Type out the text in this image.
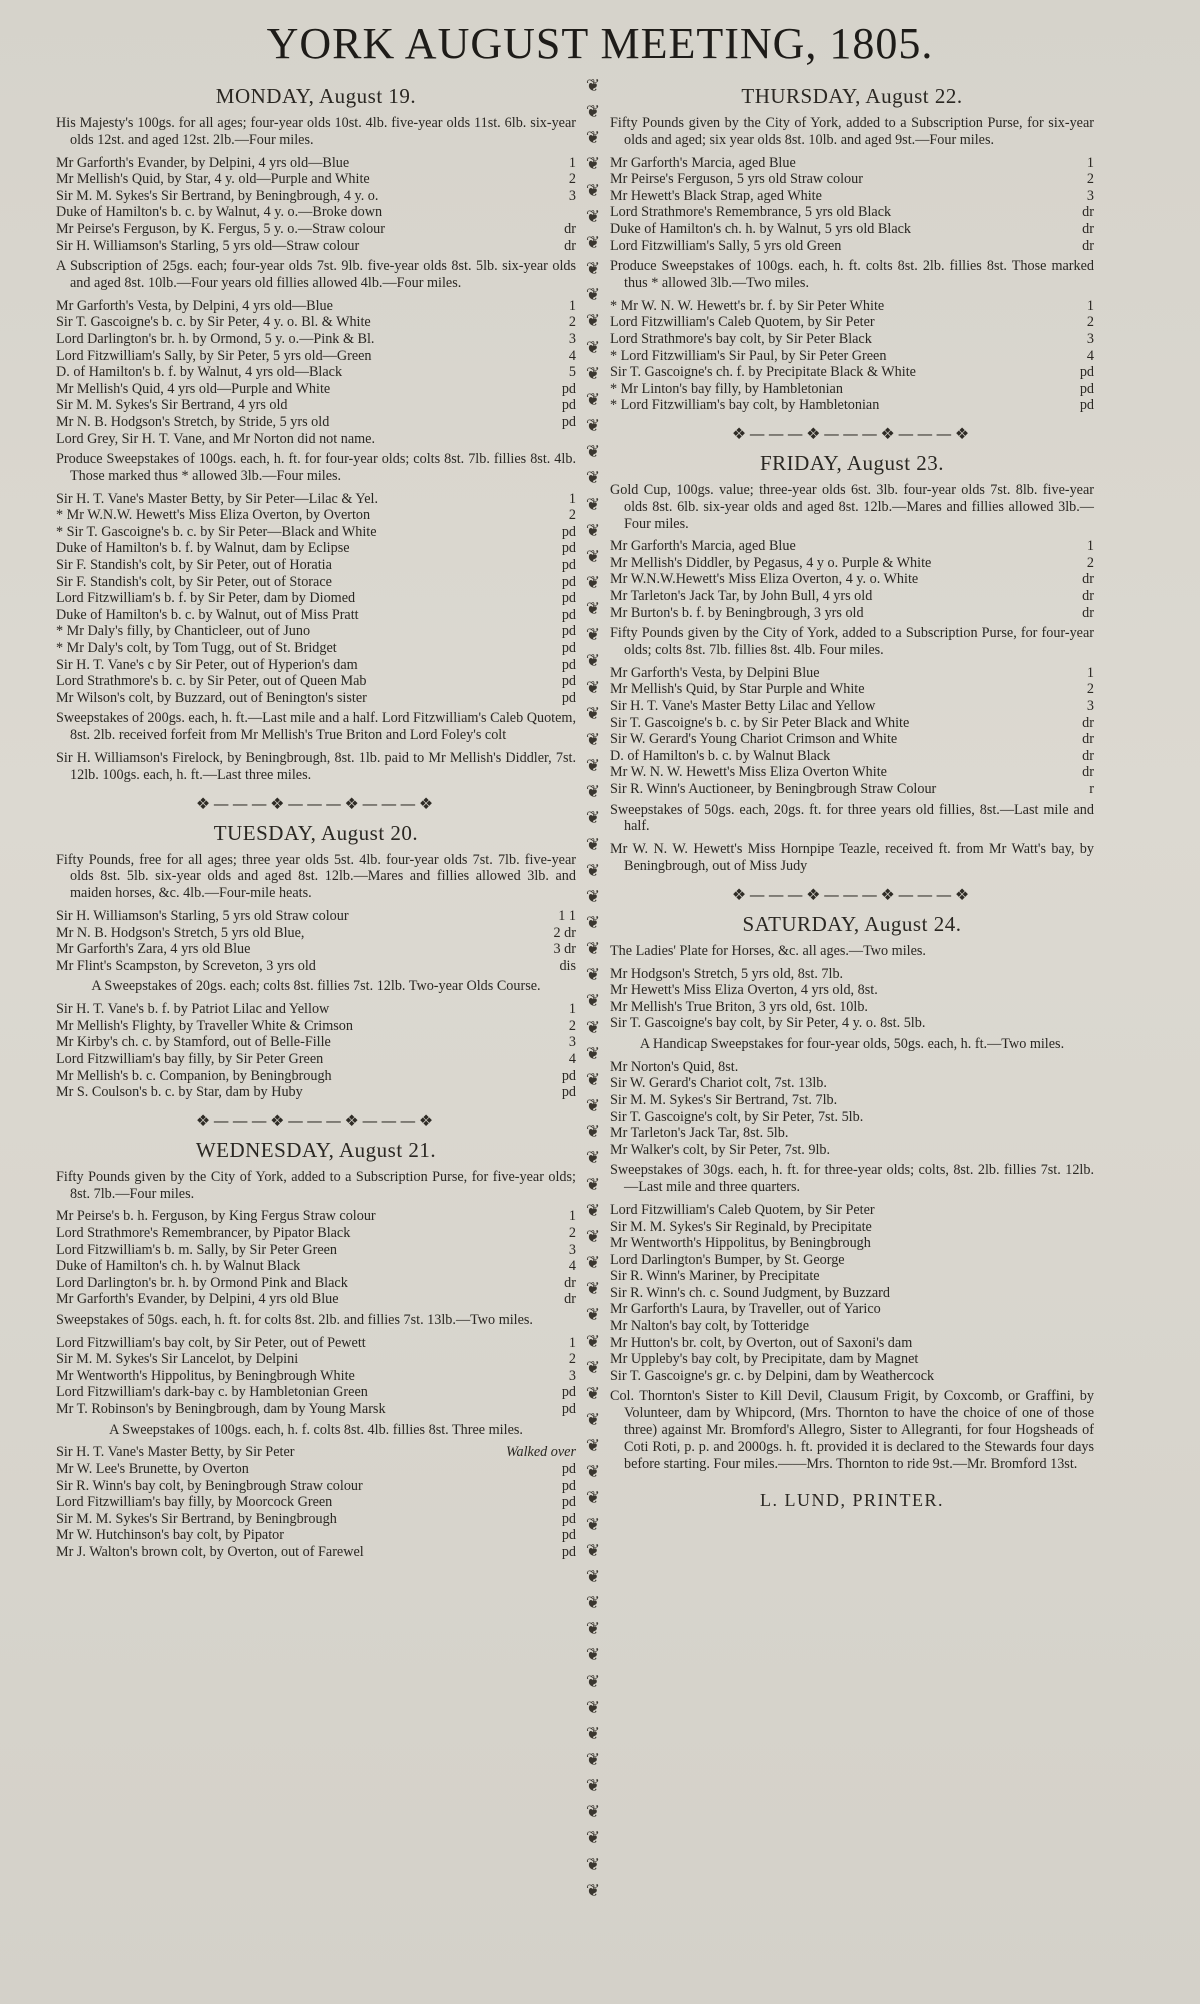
YORK AUGUST MEETING, 1805.
MONDAY, August 19.
His Majesty's 100gs. for all ages; four-year olds 10st. 4lb. five-year olds 11st. 6lb. six-year olds 12st. and aged 12st. 2lb.—Four miles.
Mr Garforth's Evander, by Delpini, 4 yrs old—Blue	1
Mr Mellish's Quid, by Star, 4 y. old—Purple and White	2
Sir M. M. Sykes's Sir Bertrand, by Beningbrough, 4 y. o.	3
Duke of Hamilton's b. c. by Walnut, 4 y. o.—Broke down
Mr Peirse's Ferguson, by K. Fergus, 5 y. o.—Straw colour	dr
Sir H. Williamson's Starling, 5 yrs old—Straw colour	dr
A Subscription of 25gs. each; four-year olds 7st. 9lb. five-year olds 8st. 5lb. six-year olds and aged 8st. 10lb.—Four years old fillies allowed 4lb.—Four miles.
Mr Garforth's Vesta, by Delpini, 4 yrs old—Blue	1
Sir T. Gascoigne's b. c. by Sir Peter, 4 y. o. Bl. & White	2
Lord Darlington's br. h. by Ormond, 5 y. o.—Pink & Bl.	3
Lord Fitzwilliam's Sally, by Sir Peter, 5 yrs old—Green	4
D. of Hamilton's b. f. by Walnut, 4 yrs old—Black	5
Mr Mellish's Quid, 4 yrs old—Purple and White	pd
Sir M. M. Sykes's Sir Bertrand, 4 yrs old	pd
Mr N. B. Hodgson's Stretch, by Stride, 5 yrs old	pd
Lord Grey, Sir H. T. Vane, and Mr Norton did not name.
Produce Sweepstakes of 100gs. each, h. ft. for four-year olds; colts 8st. 7lb. fillies 8st. 4lb. Those marked thus * allowed 3lb.—Four miles.
Sir H. T. Vane's Master Betty, by Sir Peter—Lilac & Yel.	1
* Mr W.N.W. Hewett's Miss Eliza Overton, by Overton	2
* Sir T. Gascoigne's b. c. by Sir Peter—Black and White	pd
Duke of Hamilton's b. f. by Walnut, dam by Eclipse	pd
Sir F. Standish's colt, by Sir Peter, out of Horatia	pd
Sir F. Standish's colt, by Sir Peter, out of Storace	pd
Lord Fitzwilliam's b. f. by Sir Peter, dam by Diomed	pd
Duke of Hamilton's b. c. by Walnut, out of Miss Pratt	pd
* Mr Daly's filly, by Chanticleer, out of Juno	pd
* Mr Daly's colt, by Tom Tugg, out of St. Bridget	pd
Sir H. T. Vane's c by Sir Peter, out of Hyperion's dam	pd
Lord Strathmore's b. c. by Sir Peter, out of Queen Mab	pd
Mr Wilson's colt, by Buzzard, out of Benington's sister	pd
Sweepstakes of 200gs. each, h. ft.—Last mile and a half. Lord Fitzwilliam's Caleb Quotem, 8st. 2lb. received forfeit from Mr Mellish's True Briton and Lord Foley's colt
Sir H. Williamson's Firelock, by Beningbrough, 8st. 1lb. paid to Mr Mellish's Diddler, 7st. 12lb. 100gs. each, h. ft.—Last three miles.
❖———❖———❖———❖
TUESDAY, August 20.
Fifty Pounds, free for all ages; three year olds 5st. 4lb. four-year olds 7st. 7lb. five-year olds 8st. 5lb. six-year olds and aged 8st. 12lb.—Mares and fillies allowed 3lb. and maiden horses, &c. 4lb.—Four-mile heats.
Sir H. Williamson's Starling, 5 yrs old Straw colour	1 1
Mr N. B. Hodgson's Stretch, 5 yrs old Blue,	2 dr
Mr Garforth's Zara, 4 yrs old Blue	3 dr
Mr Flint's Scampston, by Screveton, 3 yrs old	dis
A Sweepstakes of 20gs. each; colts 8st. fillies 7st. 12lb. Two-year Olds Course.
Sir H. T. Vane's b. f. by Patriot Lilac and Yellow	1
Mr Mellish's Flighty, by Traveller White & Crimson	2
Mr Kirby's ch. c. by Stamford, out of Belle-Fille	3
Lord Fitzwilliam's bay filly, by Sir Peter Green	4
Mr Mellish's b. c. Companion, by Beningbrough	pd
Mr S. Coulson's b. c. by Star, dam by Huby	pd
❖———❖———❖———❖
WEDNESDAY, August 21.
Fifty Pounds given by the City of York, added to a Subscription Purse, for five-year olds; 8st. 7lb.—Four miles.
Mr Peirse's b. h. Ferguson, by King Fergus Straw colour	1
Lord Strathmore's Remembrancer, by Pipator Black	2
Lord Fitzwilliam's b. m. Sally, by Sir Peter Green	3
Duke of Hamilton's ch. h. by Walnut Black	4
Lord Darlington's br. h. by Ormond Pink and Black	dr
Mr Garforth's Evander, by Delpini, 4 yrs old Blue	dr
Sweepstakes of 50gs. each, h. ft. for colts 8st. 2lb. and fillies 7st. 13lb.—Two miles.
Lord Fitzwilliam's bay colt, by Sir Peter, out of Pewett	1
Sir M. M. Sykes's Sir Lancelot, by Delpini	2
Mr Wentworth's Hippolitus, by Beningbrough White	3
Lord Fitzwilliam's dark-bay c. by Hambletonian Green	pd
Mr T. Robinson's by Beningbrough, dam by Young Marsk	pd
A Sweepstakes of 100gs. each, h. f. colts 8st. 4lb. fillies 8st. Three miles.
Sir H. T. Vane's Master Betty, by Sir Peter	Walked over
Mr W. Lee's Brunette, by Overton	pd
Sir R. Winn's bay colt, by Beningbrough Straw colour	pd
Lord Fitzwilliam's bay filly, by Moorcock Green	pd
Sir M. M. Sykes's Sir Bertrand, by Beningbrough	pd
Mr W. Hutchinson's bay colt, by Pipator	pd
Mr J. Walton's brown colt, by Overton, out of Farewel	pd
❦
❦
❦
❦
❦
❦
❦
❦
❦
❦
❦
❦
❦
❦
❦
❦
❦
❦
❦
❦
❦
❦
❦
❦
❦
❦
❦
❦
❦
❦
❦
❦
❦
❦
❦
❦
❦
❦
❦
❦
❦
❦
❦
❦
❦
❦
❦
❦
❦
❦
❦
❦
❦
❦
❦
❦
❦
❦
❦
❦
❦
❦
❦
❦
❦
❦
❦
❦
❦
❦
THURSDAY, August 22.
Fifty Pounds given by the City of York, added to a Subscription Purse, for six-year olds and aged; six year olds 8st. 10lb. and aged 9st.—Four miles.
Mr Garforth's Marcia, aged Blue	1
Mr Peirse's Ferguson, 5 yrs old Straw colour	2
Mr Hewett's Black Strap, aged White	3
Lord Strathmore's Remembrance, 5 yrs old Black	dr
Duke of Hamilton's ch. h. by Walnut, 5 yrs old Black	dr
Lord Fitzwilliam's Sally, 5 yrs old Green	dr
Produce Sweepstakes of 100gs. each, h. ft. colts 8st. 2lb. fillies 8st. Those marked thus * allowed 3lb.—Two miles.
* Mr W. N. W. Hewett's br. f. by Sir Peter White	1
Lord Fitzwilliam's Caleb Quotem, by Sir Peter	2
Lord Strathmore's bay colt, by Sir Peter Black	3
* Lord Fitzwilliam's Sir Paul, by Sir Peter Green	4
Sir T. Gascoigne's ch. f. by Precipitate Black & White	pd
* Mr Linton's bay filly, by Hambletonian	pd
* Lord Fitzwilliam's bay colt, by Hambletonian	pd
❖———❖———❖———❖
FRIDAY, August 23.
Gold Cup, 100gs. value; three-year olds 6st. 3lb. four-year olds 7st. 8lb. five-year olds 8st. 6lb. six-year olds and aged 8st. 12lb.—Mares and fillies allowed 3lb.—Four miles.
Mr Garforth's Marcia, aged Blue	1
Mr Mellish's Diddler, by Pegasus, 4 y o. Purple & White	2
Mr W.N.W.Hewett's Miss Eliza Overton, 4 y. o. White	dr
Mr Tarleton's Jack Tar, by John Bull, 4 yrs old	dr
Mr Burton's b. f. by Beningbrough, 3 yrs old	dr
Fifty Pounds given by the City of York, added to a Subscription Purse, for four-year olds; colts 8st. 7lb. fillies 8st. 4lb. Four miles.
Mr Garforth's Vesta, by Delpini Blue	1
Mr Mellish's Quid, by Star Purple and White	2
Sir H. T. Vane's Master Betty Lilac and Yellow	3
Sir T. Gascoigne's b. c. by Sir Peter Black and White	dr
Sir W. Gerard's Young Chariot Crimson and White	dr
D. of Hamilton's b. c. by Walnut Black	dr
Mr W. N. W. Hewett's Miss Eliza Overton White	dr
Sir R. Winn's Auctioneer, by Beningbrough Straw Colour	r
Sweepstakes of 50gs. each, 20gs. ft. for three years old fillies, 8st.—Last mile and half.
Mr W. N. W. Hewett's Miss Hornpipe Teazle, received ft. from Mr Watt's bay, by Beningbrough, out of Miss Judy
❖———❖———❖———❖
SATURDAY, August 24.
The Ladies' Plate for Horses, &c. all ages.—Two miles.
Mr Hodgson's Stretch, 5 yrs old, 8st. 7lb.
Mr Hewett's Miss Eliza Overton, 4 yrs old, 8st.
Mr Mellish's True Briton, 3 yrs old, 6st. 10lb.
Sir T. Gascoigne's bay colt, by Sir Peter, 4 y. o. 8st. 5lb.
A Handicap Sweepstakes for four-year olds, 50gs. each, h. ft.—Two miles.
Mr Norton's Quid, 8st.
Sir W. Gerard's Chariot colt, 7st. 13lb.
Sir M. M. Sykes's Sir Bertrand, 7st. 7lb.
Sir T. Gascoigne's colt, by Sir Peter, 7st. 5lb.
Mr Tarleton's Jack Tar, 8st. 5lb.
Mr Walker's colt, by Sir Peter, 7st. 9lb.
Sweepstakes of 30gs. each, h. ft. for three-year olds; colts, 8st. 2lb. fillies 7st. 12lb.—Last mile and three quarters.
Lord Fitzwilliam's Caleb Quotem, by Sir Peter
Sir M. M. Sykes's Sir Reginald, by Precipitate
Mr Wentworth's Hippolitus, by Beningbrough
Lord Darlington's Bumper, by St. George
Sir R. Winn's Mariner, by Precipitate
Sir R. Winn's ch. c. Sound Judgment, by Buzzard
Mr Garforth's Laura, by Traveller, out of Yarico
Mr Nalton's bay colt, by Totteridge
Mr Hutton's br. colt, by Overton, out of Saxoni's dam
Mr Uppleby's bay colt, by Precipitate, dam by Magnet
Sir T. Gascoigne's gr. c. by Delpini, dam by Weathercock
Col. Thornton's Sister to Kill Devil, Clausum Frigit, by Coxcomb, or Graffini, by Volunteer, dam by Whipcord, (Mrs. Thornton to have the choice of one of those three) against Mr. Bromford's Allegro, Sister to Allegranti, for four Hogsheads of Coti Roti, p. p. and 2000gs. h. ft. provided it is declared to the Stewards four days before starting. Four miles.——Mrs. Thornton to ride 9st.—Mr. Bromford 13st.
L. LUND, PRINTER.
